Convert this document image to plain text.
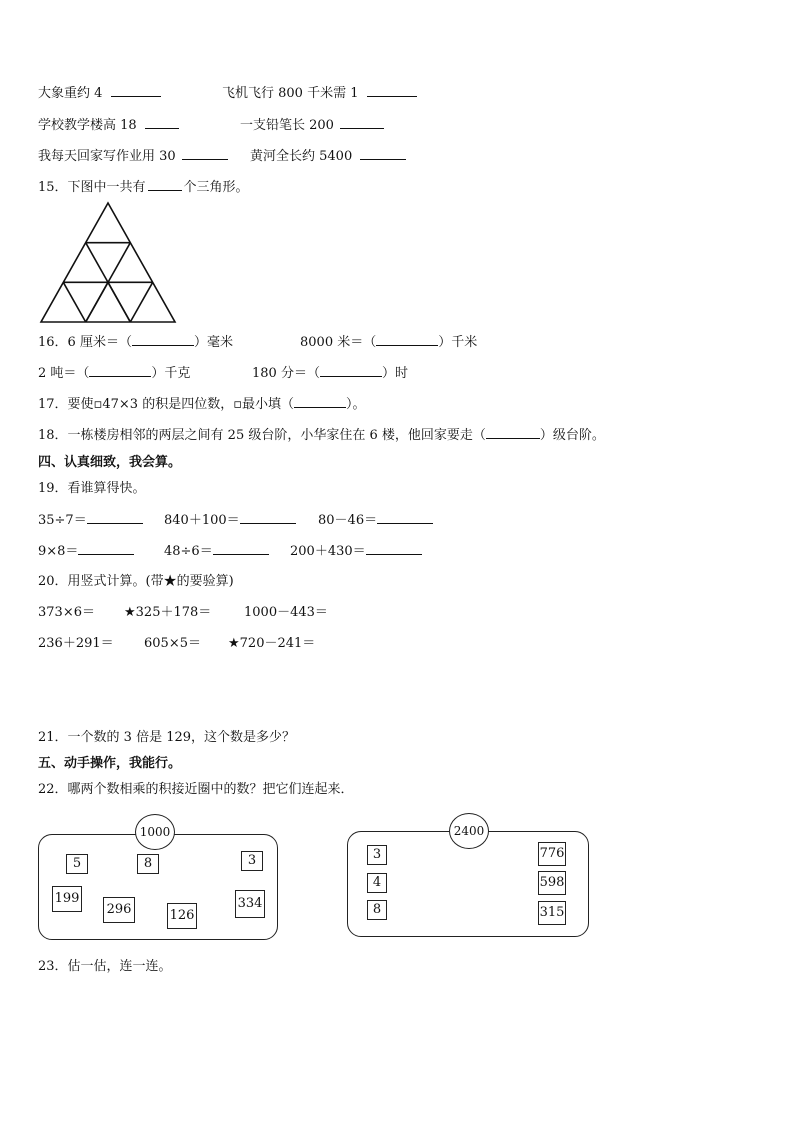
大象重约 4	飞机飞行 800 千米需 1
学校教学楼高 18	一支铅笔长 200
我每天回家写作业用 30	黄河全长约 5400
15．下图中一共有	个三角形。
16．6 厘米＝（	）毫米	8000 米＝（	）千米
2 吨＝（	）千克	180 分＝（	）时
17．要使▫47×3 的积是四位数，▫最小填（	）。
18．一栋楼房相邻的两层之间有 25 级台阶，小华家住在 6 楼，他回家要走（	）级台阶。
四、认真细致，我会算。
19．看谁算得快。
35÷7＝	840＋100＝	80－46＝
9×8＝	48÷6＝	200＋430＝
20．用竖式计算。(带★的要验算)
373×6＝ ★325＋178＝	1000－443＝
236＋291＝ 605×5＝ ★720－241＝
21．一个数的 3 倍是 129，这个数是多少？
五、动手操作，我能行。
22．哪两个数相乘的积接近圈中的数？把它们连起来．
1000
5	8	3
199
296	126
334
2400
3
4
8
776
598
315
23．估一估，连一连。
